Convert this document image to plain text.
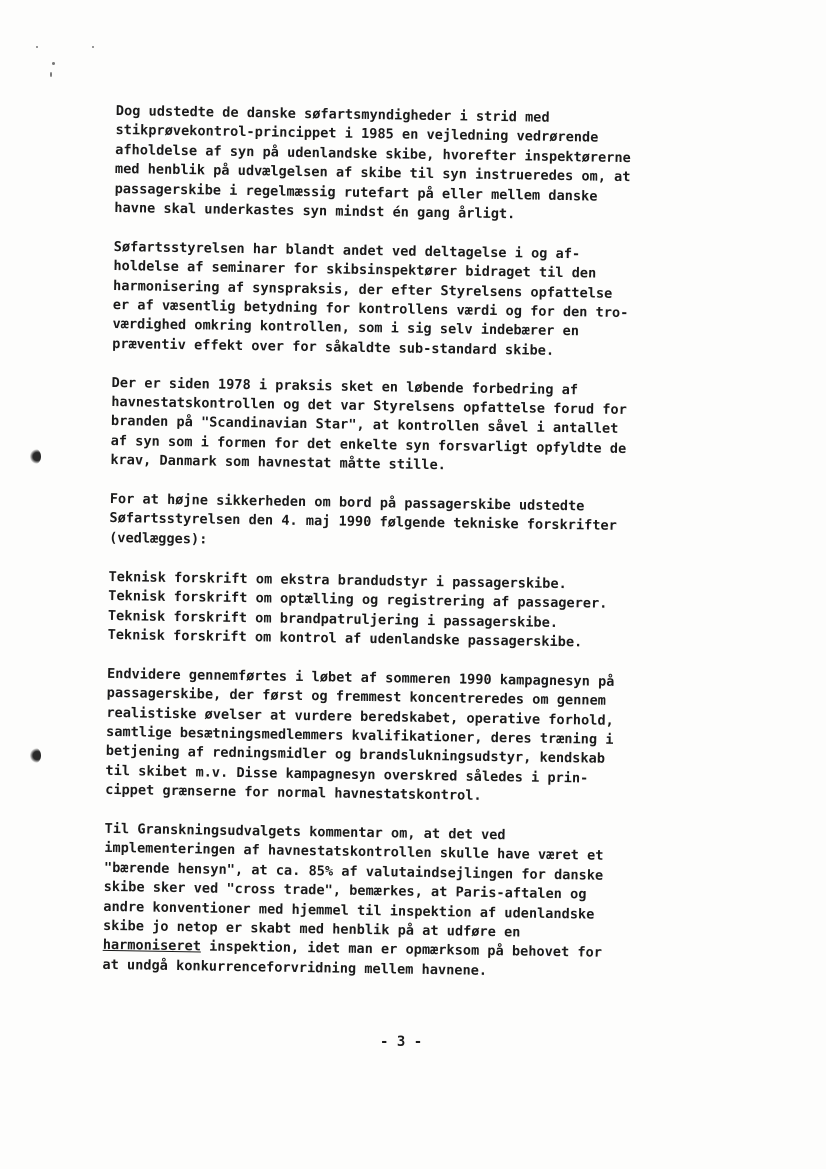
Dog udstedte de danske søfartsmyndigheder i strid med
stikprøvekontrol-princippet i 1985 en vejledning vedrørende
afholdelse af syn på udenlandske skibe, hvorefter inspektørerne
med henblik på udvælgelsen af skibe til syn instrueredes om, at
passagerskibe i regelmæssig rutefart på eller mellem danske
havne skal underkastes syn mindst én gang årligt.
Søfartsstyrelsen har blandt andet ved deltagelse i og af-
holdelse af seminarer for skibsinspektører bidraget til den
harmonisering af synspraksis, der efter Styrelsens opfattelse
er af væsentlig betydning for kontrollens værdi og for den tro-
værdighed omkring kontrollen, som i sig selv indebærer en
præventiv effekt over for såkaldte sub-standard skibe.
Der er siden 1978 i praksis sket en løbende forbedring af
havnestatskontrollen og det var Styrelsens opfattelse forud for
branden på "Scandinavian Star", at kontrollen såvel i antallet
af syn som i formen for det enkelte syn forsvarligt opfyldte de
krav, Danmark som havnestat måtte stille.
For at højne sikkerheden om bord på passagerskibe udstedte
Søfartsstyrelsen den 4. maj 1990 følgende tekniske forskrifter
(vedlægges):
Teknisk forskrift om ekstra brandudstyr i passagerskibe.
Teknisk forskrift om optælling og registrering af passagerer.
Teknisk forskrift om brandpatruljering i passagerskibe.
Teknisk forskrift om kontrol af udenlandske passagerskibe.
Endvidere gennemførtes i løbet af sommeren 1990 kampagnesyn på
passagerskibe, der først og fremmest koncentreredes om gennem
realistiske øvelser at vurdere beredskabet, operative forhold,
samtlige besætningsmedlemmers kvalifikationer, deres træning i
betjening af redningsmidler og brandslukningsudstyr, kendskab
til skibet m.v. Disse kampagnesyn overskred således i prin-
cippet grænserne for normal havnestatskontrol.
Til Granskningsudvalgets kommentar om, at det ved
implementeringen af havnestatskontrollen skulle have været et
"bærende hensyn", at ca. 85% af valutaindsejlingen for danske
skibe sker ved "cross trade", bemærkes, at Paris-aftalen og
andre konventioner med hjemmel til inspektion af udenlandske
skibe jo netop er skabt med henblik på at udføre en
harmoniseret inspektion, idet man er opmærksom på behovet for
at undgå konkurrenceforvridning mellem havnene.
- 3 -
